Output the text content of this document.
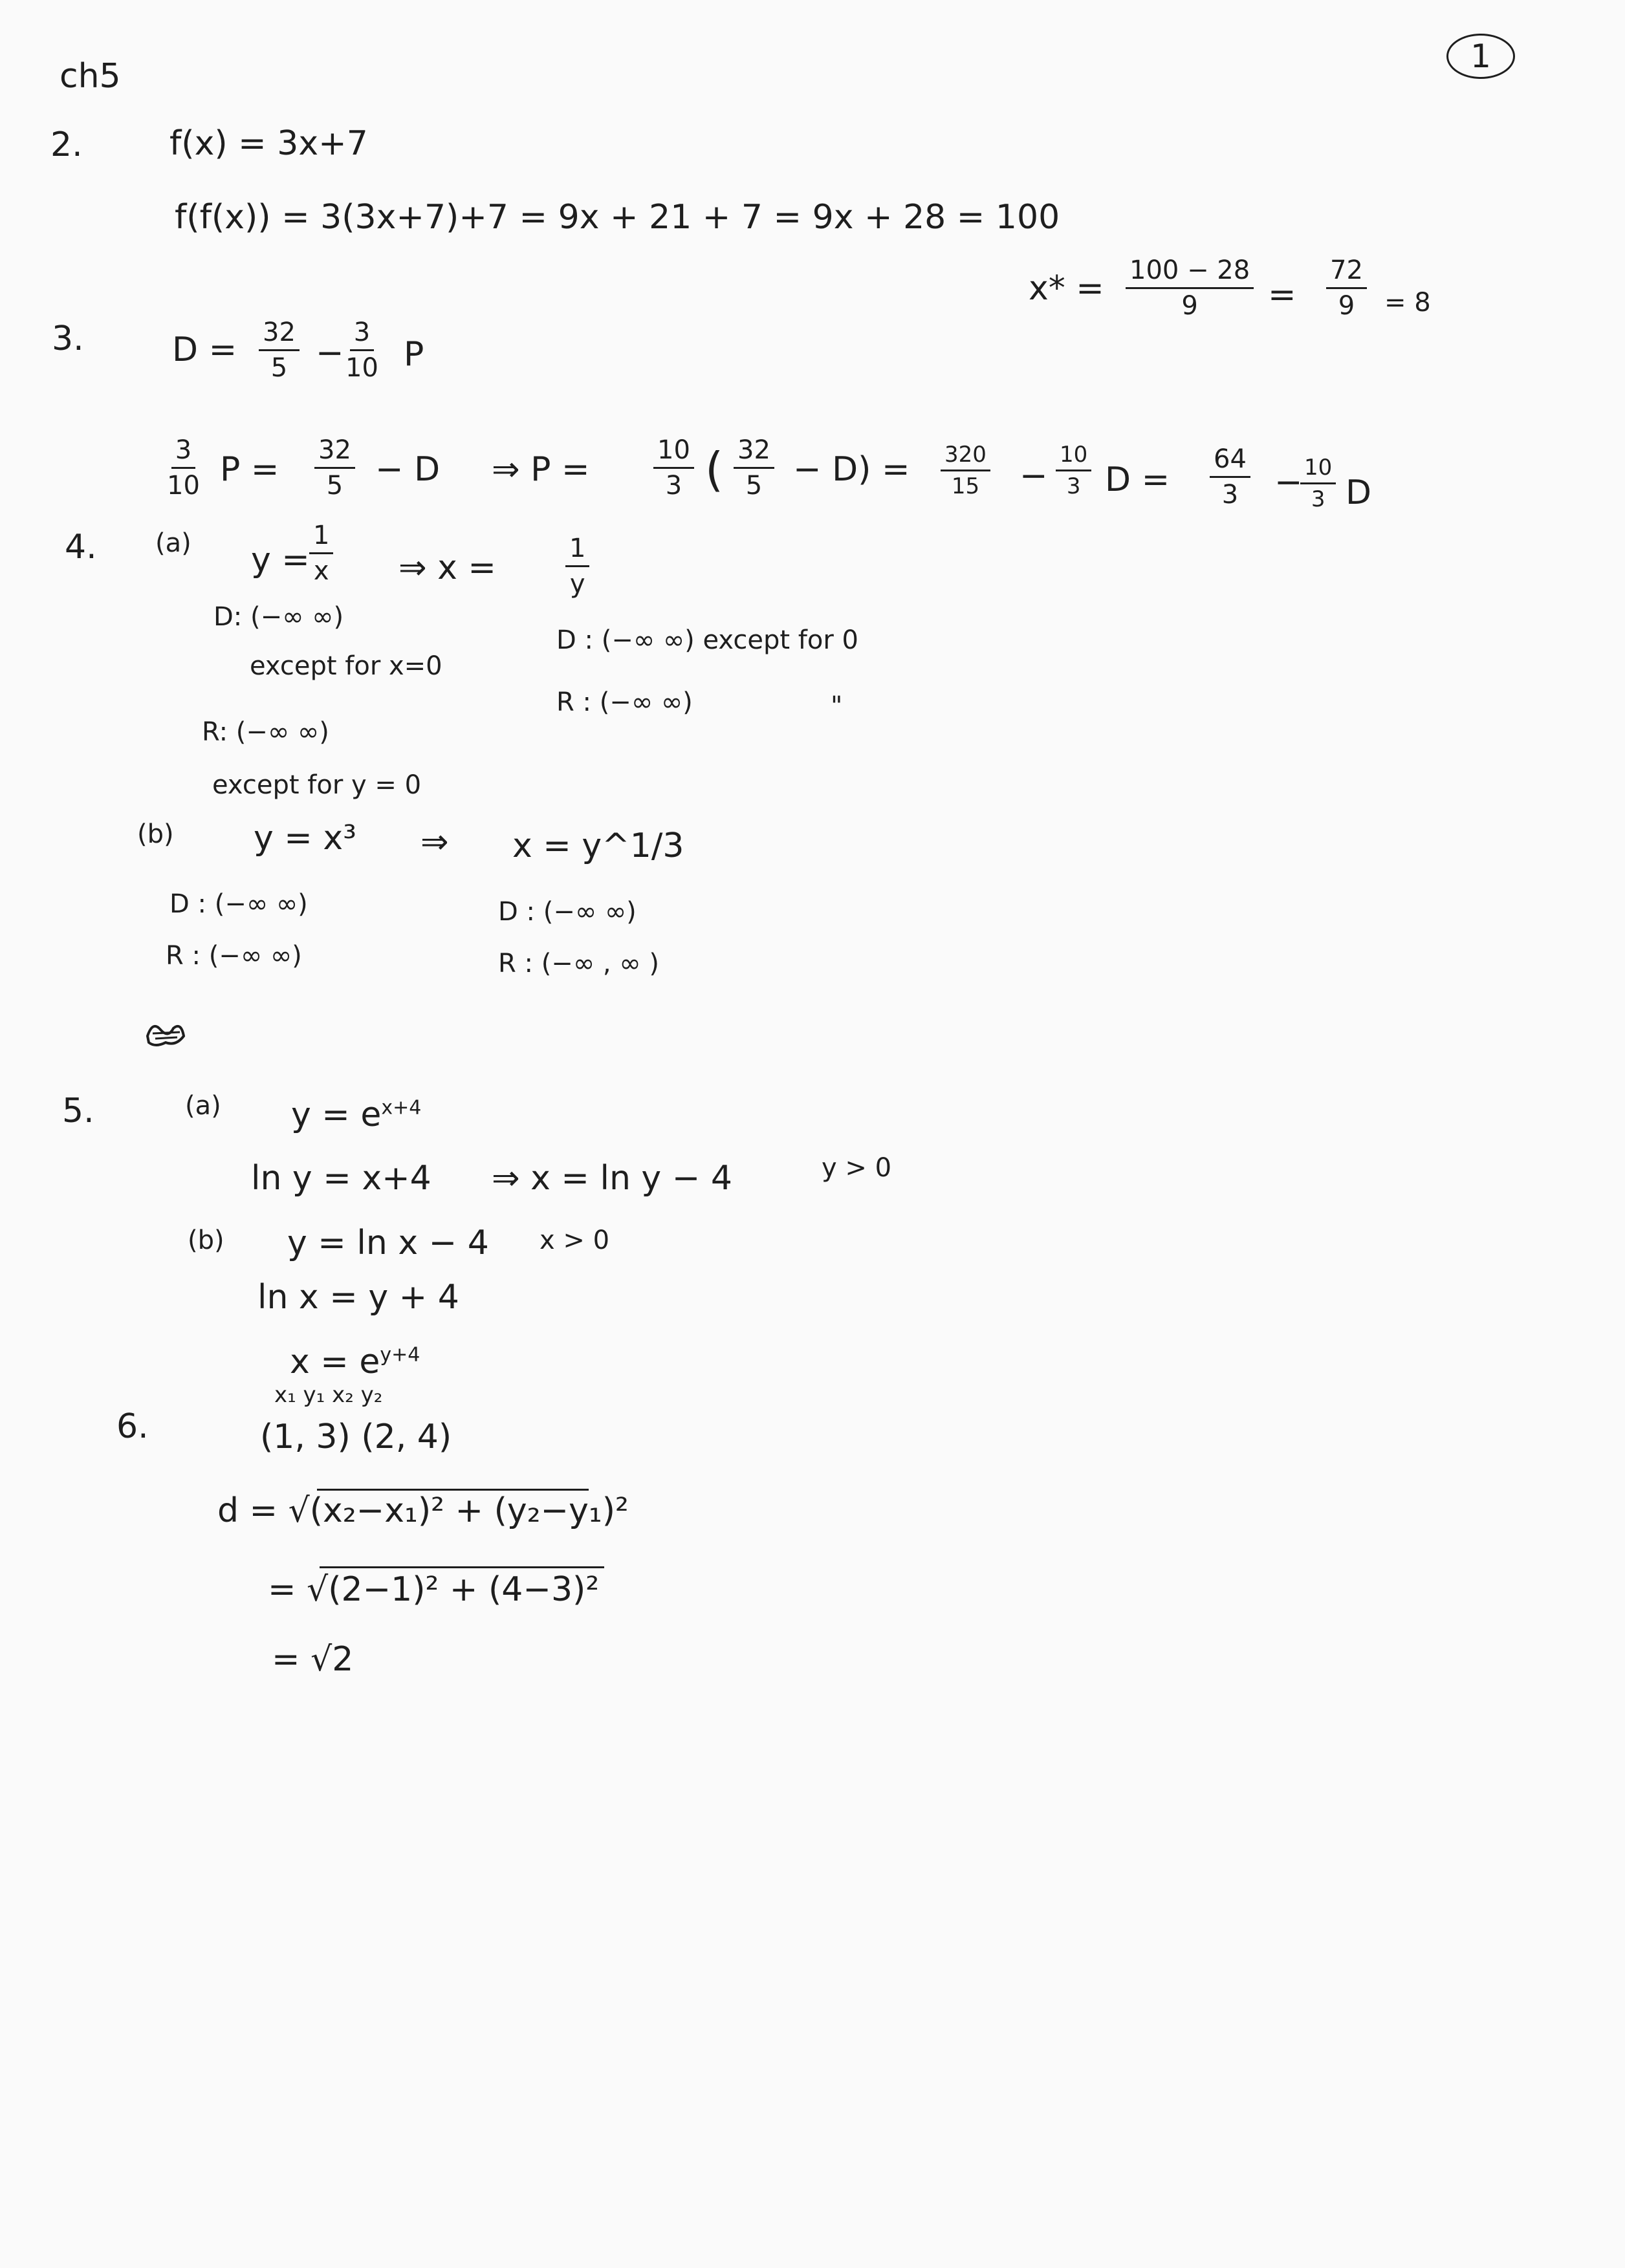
ch5
1
2.	f(x) = 3x+7
f(f(x)) = 3(3x+7)+7 = 9x + 21 + 7 = 9x + 28 = 100
$x* = \frac{100 - 28}{9} = \frac{72}{9} = 8$
3.	$D = \frac{32}{5} - \frac{3}{10}$ P
$\frac{3}{10}$ $P = \frac{32}{5} - D$ ⇒ $P = \frac{10}{3}$ ( $\frac{32}{5} - D) = \frac{320}{15} - \frac{10}{3}$ $D = \frac{64}{3}$ −
$\frac{10}{3}$ D
4. (a) $y = \frac{1}{x}$ ⇒ x =	$\frac{1}{y}$
D: (−∞ ∞)
except for x=0
R: (−∞ ∞)
except for y = 0
D : (−∞ ∞) except for 0
R : (−∞ ∞)	"
(b) y = x³ ⇒ x = y^1/3
D : (−∞ ∞)
R : (−∞ ∞)
D : (−∞ ∞)
R : (−∞ , ∞ )
5.	(a) $y = e^{x+4}$
ln y = x+4 ⇒ x = ln y − 4	y > 0
(b) y = ln x − 4 x > 0
ln x = y + 4
$x = e^{y+4}$
6.
x₁ y₁ x₂ y₂
(1, 3) (2, 4)
d = √(x₂−x₁)² + (y₂−y₁)²
= √(2−1)² + (4−3)²
= √2
